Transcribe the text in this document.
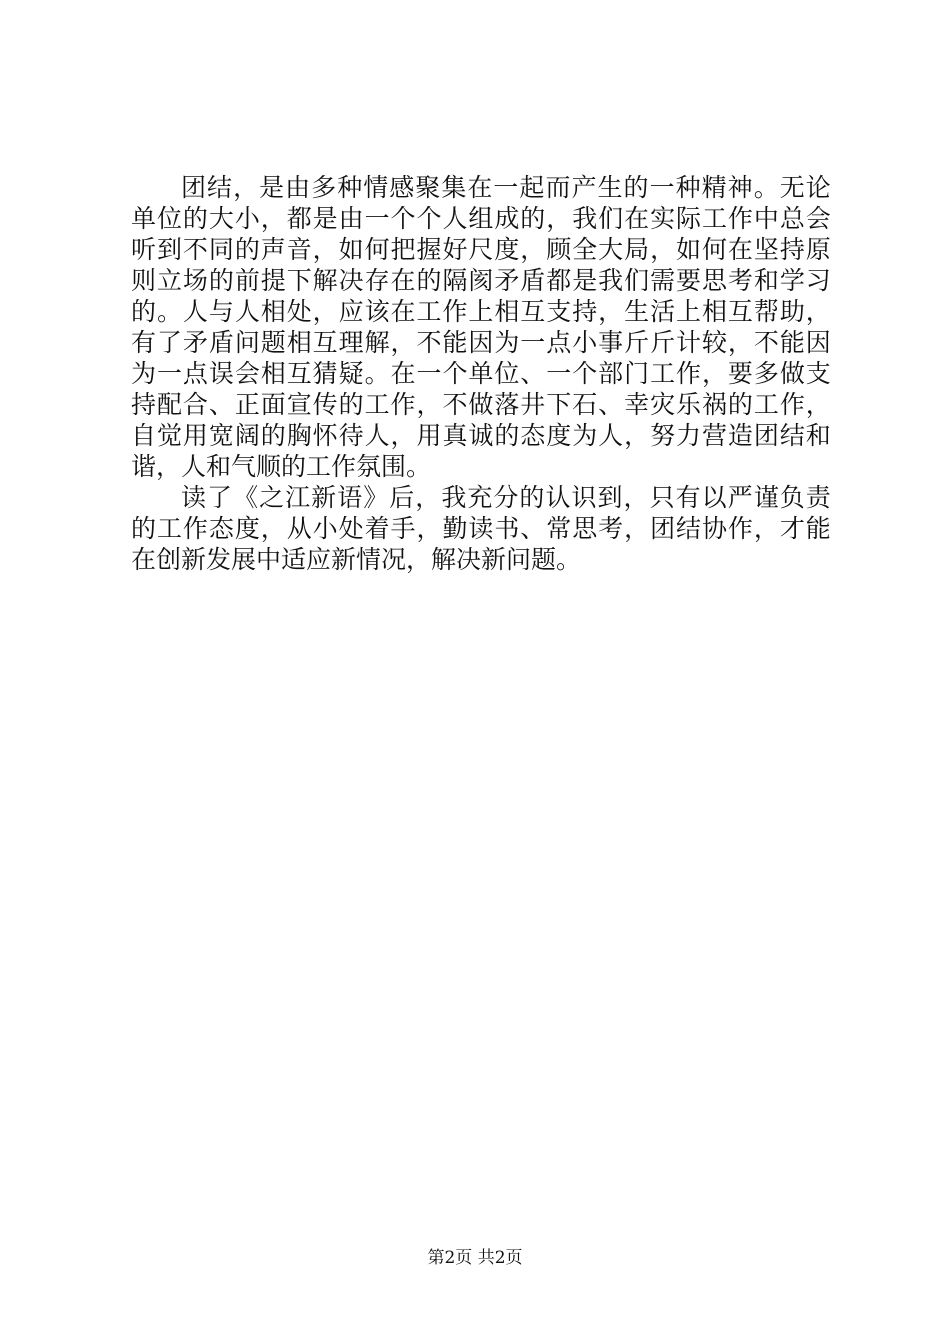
团 结 ， 是 由 多 种 情 感 聚 集 在 一 起 而 产 生 的 一 种 精 神 。 无 论
单 位 的 大 小 ， 都 是 由 一 个 个 人 组 成 的 ， 我 们 在 实 际 工 作 中 总 会
听 到 不 同 的 声 音 ， 如 何 把 握 好 尺 度 ， 顾 全 大 局 ， 如 何 在 坚 持 原
则 立 场 的 前 提 下 解 决 存 在 的 隔 阂 矛 盾 都 是 我 们 需 要 思 考 和 学 习
的 。 人 与 人 相 处 ， 应 该 在 工 作 上 相 互 支 持 ， 生 活 上 相 互 帮 助 ，
有 了 矛 盾 问 题 相 互 理 解 ， 不 能 因 为 一 点 小 事 斤 斤 计 较 ， 不 能 因
为 一 点 误 会 相 互 猜 疑 。 在 一 个 单 位 、 一 个 部 门 工 作 ， 要 多 做 支
持 配 合 、 正 面 宣 传 的 工 作 ， 不 做 落 井 下 石 、 幸 灾 乐 祸 的 工 作 ，
自 觉 用 宽 阔 的 胸 怀 待 人 ， 用 真 诚 的 态 度 为 人 ， 努 力 营 造 团 结 和
谐，人和气顺的工作氛围。
读 了 《 之 江 新 语 》 后 ， 我 充 分 的 认 识 到 ， 只 有 以 严 谨 负 责
的 工 作 态 度 ， 从 小 处 着 手 ， 勤 读 书 、 常 思 考 ， 团 结 协 作 ， 才 能
在创新发展中适应新情况，解决新问题。
第2页 共2页
